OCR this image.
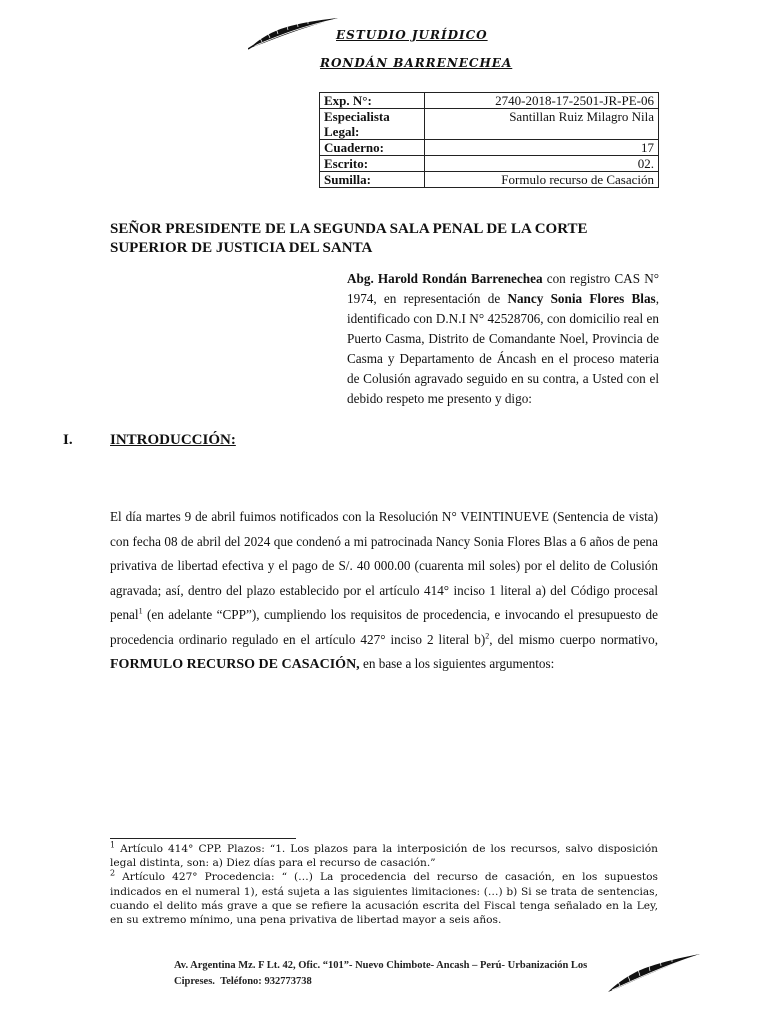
ESTUDIO JURÍDICO
RONDÁN BARRENECHEA
Exp. N°:	2740-2018-17-2501-JR-PE-06
Especialista Legal:	Santillan Ruiz Milagro Nila
Cuaderno:	17
Escrito:	02.
Sumilla:	Formulo recurso de Casación
SEÑOR PRESIDENTE DE LA SEGUNDA SALA PENAL DE LA CORTE SUPERIOR DE JUSTICIA DEL SANTA
Abg. Harold Rondán Barrenechea con registro CAS N° 1974, en representación de Nancy Sonia Flores Blas, identificado con D.N.I N° 42528706, con domicilio real en Puerto Casma, Distrito de Comandante Noel, Provincia de Casma y Departamento de Áncash en el proceso materia de Colusión agravado seguido en su contra, a Usted con el debido respeto me presento y digo:
I. INTRODUCCIÓN:
El día martes 9 de abril fuimos notificados con la Resolución N° VEINTINUEVE (Sentencia de vista) con fecha 08 de abril del 2024 que condenó a mi patrocinada Nancy Sonia Flores Blas a 6 años de pena privativa de libertad efectiva y el pago de S/. 40 000.00 (cuarenta mil soles) por el delito de Colusión agravada; así, dentro del plazo establecido por el artículo 414° inciso 1 literal a) del Código procesal penal$^1$ (en adelante “CPP”), cumpliendo los requisitos de procedencia, e invocando el presupuesto de procedencia ordinario regulado en el artículo 427° inciso 2 literal b)$^2$, del mismo cuerpo normativo, FORMULO RECURSO DE CASACIÓN, en base a los siguientes argumentos:

$^1$ Artículo 414° CPP. Plazos: “1. Los plazos para la interposición de los recursos, salvo disposición legal distinta, son: a) Diez días para el recurso de casación.”

$^2$ Artículo 427° Procedencia: “ (…) La procedencia del recurso de casación, en los supuestos indicados en el numeral 1), está sujeta a las siguientes limitaciones: (…) b) Si se trata de sentencias, cuando el delito más grave a que se refiere la acusación escrita del Fiscal tenga señalado en la Ley, en su extremo mínimo, una pena privativa de libertad mayor a seis años.

Av. Argentina Mz. F Lt. 42, Ofic. “101”- Nuevo Chimbote- Ancash – Perú- Urbanización Los Cipreses. Teléfono: 932773738
